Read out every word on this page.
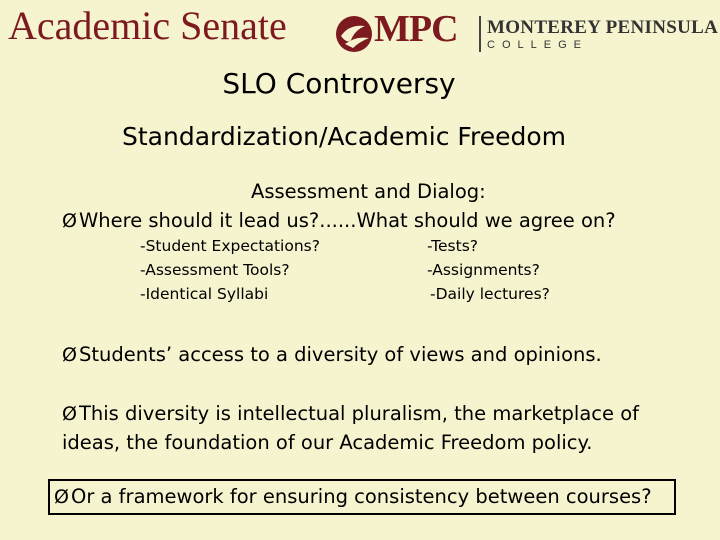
Academic Senate MPC MONTEREY PENINSULA
COLLEGE
SLO Controversy
Standardization/Academic Freedom
Assessment and Dialog:
Ø Where should it lead us?......What should we agree on?
-Student Expectations?
-Assessment Tools?
-Identical Syllabi
-Tests?
-Assignments?
-Daily lectures?
Ø Students’ access to a diversity of views and opinions.
Ø This diversity is intellectual pluralism, the marketplace of
ideas, the foundation of our Academic Freedom policy.
Ø Or a framework for ensuring consistency between courses?
